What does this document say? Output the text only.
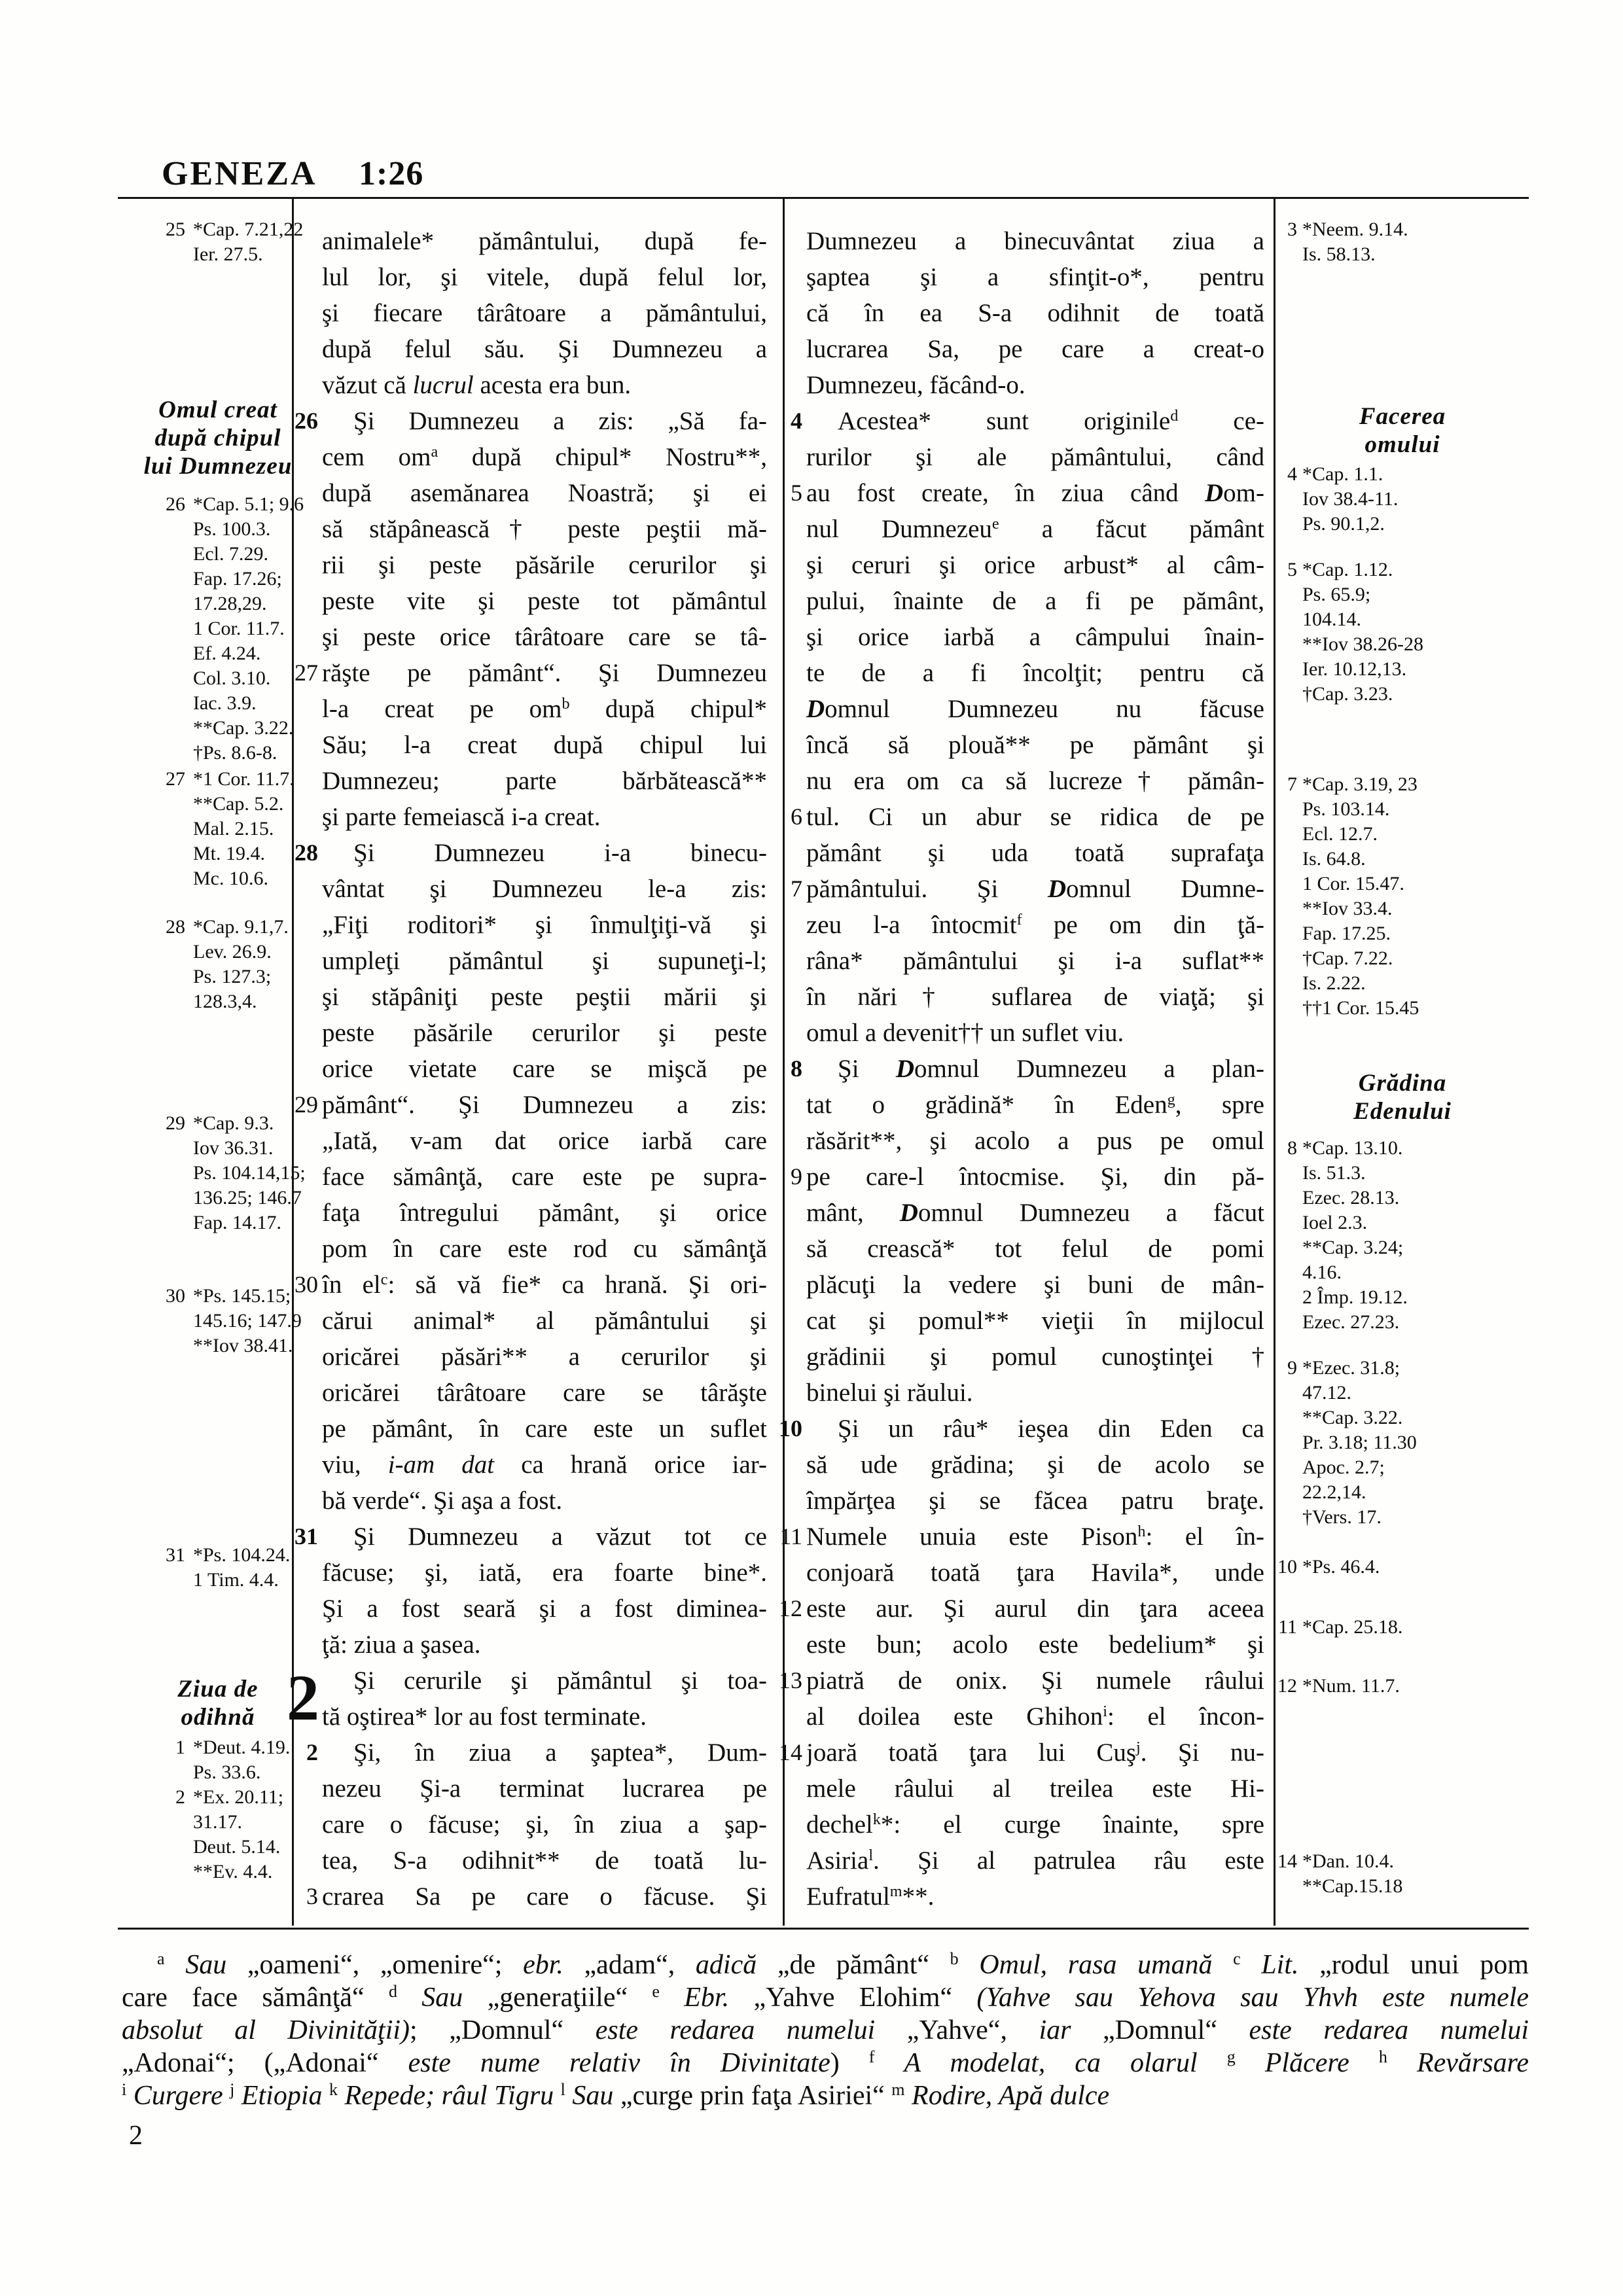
GENEZA 1:26
25 *Cap. 7.21,22
Ier. 27.5.
Omul creat
după chipul
lui Dumnezeu
26 *Cap. 5.1; 9.6
Ps. 100.3.
Ecl. 7.29.
Fap. 17.26;
17.28,29.
1 Cor. 11.7.
Ef. 4.24.
Col. 3.10.
Iac. 3.9.
**Cap. 3.22.
†Ps. 8.6-8.
27 *1 Cor. 11.7.
**Cap. 5.2.
Mal. 2.15.
Mt. 19.4.
Mc. 10.6.
28 *Cap. 9.1,7.
Lev. 26.9.
Ps. 127.3;
128.3,4.
29 *Cap. 9.3.
Iov 36.31.
Ps. 104.14,15;
136.25; 146.7
Fap. 14.17.
30 *Ps. 145.15;
145.16; 147.9
**Iov 38.41.
31 *Ps. 104.24.
1 Tim. 4.4.
Ziua de
odihnă
1 *Deut. 4.19.
Ps. 33.6.
2 *Ex. 20.11;
31.17.
Deut. 5.14.
**Ev. 4.4.
animalele* pământului, după fe-
lul lor, şi vitele, după felul lor,
şi fiecare târâtoare a pământului,
după felul său. Şi Dumnezeu a
văzut că lucrul acesta era bun.
26	Şi Dumnezeu a zis: „Să fa-
cem $om^a$ după chipul* Nostru**,
după asemănarea Noastră; şi ei
să stăpânească† peste peştii mă-
rii şi peste păsările cerurilor şi
peste vite şi peste tot pământul
şi peste orice târâtoare care se tâ-
27 răşte pe pământ“. Şi Dumnezeu
l-a creat pe $om^b$ după chipul*
Său; l-a creat după chipul lui
Dumnezeu; parte bărbătească**
şi parte femeiască i-a creat.
28	Şi Dumnezeu i-a binecu-
vântat şi Dumnezeu le-a zis:
„Fiţi roditori* şi înmulţiţi-vă şi
umpleţi pământul şi supuneţi-l;
şi stăpâniţi peste peştii mării şi
peste păsările cerurilor şi peste
orice vietate care se mişcă pe
29 pământ“. Şi Dumnezeu a zis:
„Iată, v-am dat orice iarbă care
face sămânţă, care este pe supra-
faţa întregului pământ, şi orice
pom în care este rod cu sămânţă
30 în $el^c$: să vă fie* ca hrană. Şi ori-
cărui animal* al pământului şi
oricărei păsări** a cerurilor şi
oricărei târâtoare care se târăşte
pe pământ, în care este un suflet
viu, i-am dat ca hrană orice iar-
bă verde“. Şi aşa a fost.
31	Şi Dumnezeu a văzut tot ce
făcuse; şi, iată, era foarte bine*.
Şi a fost seară şi a fost diminea-
ţă: ziua a şasea.
2	Şi cerurile şi pământul şi toa-
tă oştirea* lor au fost terminate.
2	Şi, în ziua a şaptea*, Dum-
nezeu Şi-a terminat lucrarea pe
care o făcuse; şi, în ziua a şap-
tea, S-a odihnit** de toată lu-
3 crarea Sa pe care o făcuse. Şi
Dumnezeu a binecuvântat ziua a
şaptea şi a sfinţit-o*, pentru
că în ea S-a odihnit de toată
lucrarea Sa, pe care a creat-o
Dumnezeu, făcând-o.
4	Acestea* sunt originile$^d$ ce-
rurilor şi ale pământului, când
5 au fost create, în ziua când Dom-
nul Dumnezeu$^e$ a făcut pământ
şi ceruri şi orice arbust* al câm-
pului, înainte de a fi pe pământ,
şi orice iarbă a câmpului înain-
te de a fi încolţit; pentru că
Domnul Dumnezeu nu făcuse
încă să plouă** pe pământ şi
nu era om ca să lucreze† pămân-
6 tul. Ci un abur se ridica de pe
pământ şi uda toată suprafaţa
7 pământului. Şi Domnul Dumne-
zeu l-a întocmit$^f$ pe om din ţă-
râna* pământului şi i-a suflat**
în nări† suflarea de viaţă; şi
omul a devenit†† un suflet viu.
8	Şi Domnul Dumnezeu a plan-
tat o grădină* în Eden$^g$, spre
răsărit**, şi acolo a pus pe omul
9 pe care-l întocmise. Şi, din pă-
mânt, Domnul Dumnezeu a făcut
să crească* tot felul de pomi
plăcuţi la vedere şi buni de mân-
cat şi pomul** vieţii în mijlocul
grădinii şi pomul cunoştinţei†
binelui şi răului.
10	Şi un râu* ieşea din Eden ca
să ude grădina; şi de acolo se
împărţea şi se făcea patru braţe.
11 Numele unuia este Pison$^h$: el în-
conjoară toată ţara Havila*, unde
12 este aur. Şi aurul din ţara aceea
este bun; acolo este bedelium* şi
13 piatră de onix. Şi numele râului
al doilea este Ghihon$^i$: el încon-
14 joară toată ţara lui Cuş$^j$. Şi nu-
mele râului al treilea este Hi-
dechel$^k$*: el curge înainte, spre
Asiria$^l$. Şi al patrulea râu este
Eufratul$^m$**.
3 *Neem. 9.14.
Is. 58.13.
Facerea
omului
4 *Cap. 1.1.
Iov 38.4-11.
Ps. 90.1,2.
5 *Cap. 1.12.
Ps. 65.9;
104.14.
**Iov 38.26-28
Ier. 10.12,13.
†Cap. 3.23.
7 *Cap. 3.19, 23
Ps. 103.14.
Ecl. 12.7.
Is. 64.8.
1 Cor. 15.47.
**Iov 33.4.
Fap. 17.25.
†Cap. 7.22.
Is. 2.22.
††1 Cor. 15.45
Grădina
Edenului
8 *Cap. 13.10.
Is. 51.3.
Ezec. 28.13.
Ioel 2.3.
**Cap. 3.24;
4.16.
2 Împ. 19.12.
Ezec. 27.23.
9 *Ezec. 31.8;
47.12.
**Cap. 3.22.
Pr. 3.18; 11.30
Apoc. 2.7;
22.2,14.
†Vers. 17.
10 *Ps. 46.4.
11 *Cap. 25.18.
12 *Num. 11.7.
14 *Dan. 10.4.
**Cap.15.18
$^a$ Sau „oameni“, „omenire“; ebr. „adam“, adică „de pământ“ $^b$ Omul, rasa umană $^c$ Lit. „rodul unui pom
care face sămânţă“ $^d$ Sau „generaţiile“ $^e$ Ebr. „Yahve Elohim“ (Yahve sau Yehova sau Yhvh este numele
absolut al Divinităţii); „Domnul“ este redarea numelui „Yahve“, iar „Domnul“ este redarea numelui
„Adonai“; („Adonai“ este nume relativ în Divinitate) $^f$ A modelat, ca olarul $^g$ Plăcere $^h$ Revărsare
$^i$ Curgere $^j$ Etiopia $^k$ Repede; râul Tigru $^l$ Sau „curge prin faţa Asiriei“ $^m$ Rodire, Apă dulce
2
